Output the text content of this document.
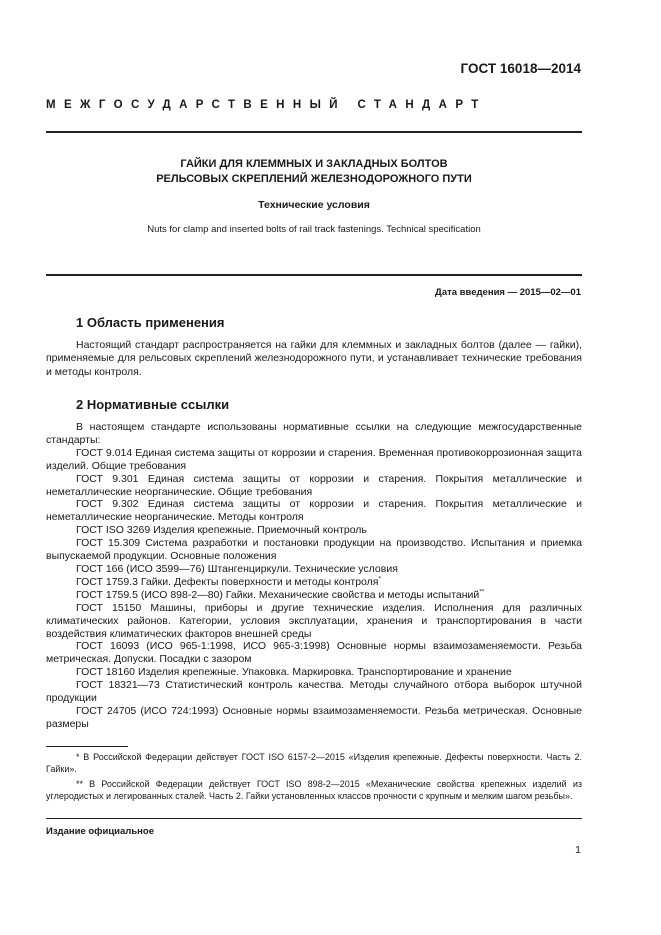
ГОСТ 16018—2014
МЕЖГОСУДАРСТВЕННЫЙ СТАНДАРТ
ГАЙКИ ДЛЯ КЛЕММНЫХ И ЗАКЛАДНЫХ БОЛТОВ
РЕЛЬСОВЫХ СКРЕПЛЕНИЙ ЖЕЛЕЗНОДОРОЖНОГО ПУТИ
Технические условия
Nuts for clamp and inserted bolts of rail track fastenings. Technical specification
Дата введения — 2015—02—01
1 Область применения

Настоящий стандарт распространяется на гайки для клеммных и закладных болтов (далее — гайки), применяемые для рельсовых скреплений железнодорожного пути, и устанавливает технические требования и методы контроля.

2 Нормативные ссылки

В настоящем стандарте использованы нормативные ссылки на следующие межгосударственные стандарты:

ГОСТ 9.014 Единая система защиты от коррозии и старения. Временная противокоррозионная защита изделий. Общие требования

ГОСТ 9.301 Единая система защиты от коррозии и старения. Покрытия металлические и неметаллические неорганические. Общие требования

ГОСТ 9.302 Единая система защиты от коррозии и старения. Покрытия металлические и неметаллические неорганические. Методы контроля

ГОСТ ISO 3269 Изделия крепежные. Приемочный контроль

ГОСТ 15.309 Система разработки и постановки продукции на производство. Испытания и приемка выпускаемой продукции. Основные положения

ГОСТ 166 (ИСО 3599—76) Штангенциркули. Технические условия

ГОСТ 1759.3 Гайки. Дефекты поверхности и методы контроля*

ГОСТ 1759.5 (ИСО 898-2—80) Гайки. Механические свойства и методы испытаний**

ГОСТ 15150 Машины, приборы и другие технические изделия. Исполнения для различных климатических районов. Категории, условия эксплуатации, хранения и транспортирования в части воздействия климатических факторов внешней среды

ГОСТ 16093 (ИСО 965-1:1998, ИСО 965-3:1998) Основные нормы взаимозаменяемости. Резьба метрическая. Допуски. Посадки с зазором

ГОСТ 18160 Изделия крепежные. Упаковка. Маркировка. Транспортирование и хранение

ГОСТ 18321—73 Статистический контроль качества. Методы случайного отбора выборок штучной продукции

ГОСТ 24705 (ИСО 724:1993) Основные нормы взаимозаменяемости. Резьба метрическая. Основные размеры

* В Российской Федерации действует ГОСТ ISO 6157-2—2015 «Изделия крепежные. Дефекты поверхности. Часть 2. Гайки».

** В Российской Федерации действует ГОСТ ISO 898-2—2015 «Механические свойства крепежных изделий из углеродистых и легированных сталей. Часть 2. Гайки установленных классов прочности с крупным и мелким шагом резьбы».

Издание официальное
1
